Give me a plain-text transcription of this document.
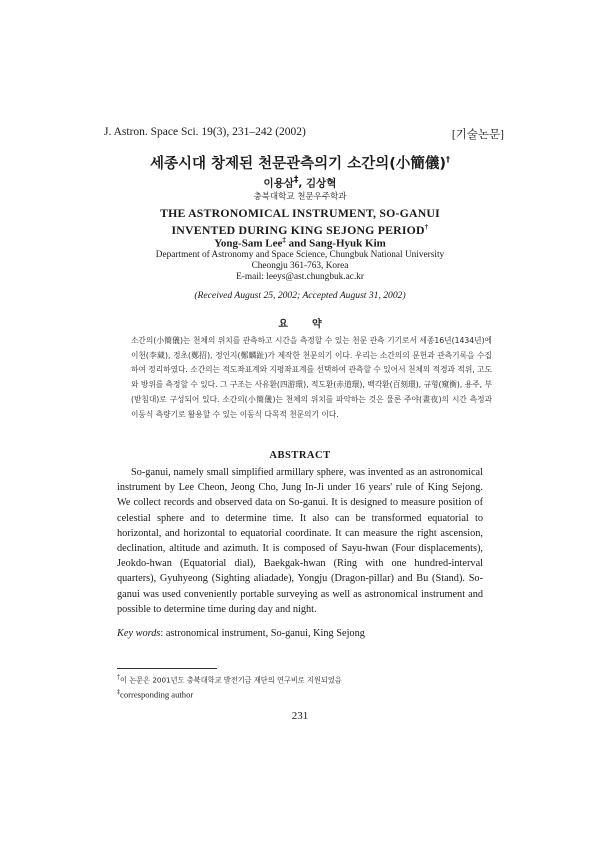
J. Astron. Space Sci. 19(3), 231–242 (2002)	[기술논문]
세종시대 창제된 천문관측의기 소간의(小簡儀)†
이용삼‡, 김상혁
충북대학교 천문우주학과
THE ASTRONOMICAL INSTRUMENT, SO-GANUI
INVENTED DURING KING SEJONG PERIOD†
Yong-Sam Lee‡ and Sang-Hyuk Kim
Department of Astronomy and Space Science, Chungbuk National University
Cheongju 361-763, Korea
E-mail: leeys@ast.chungbuk.ac.kr
(Received August 25, 2002; Accepted August 31, 2002)
요약
소간의(小簡儀)는 천체의 위치를 관측하고 시간을 측정할 수 있는 천문 관측 기기로서 세종16년(1434년)에 이천(李蕆), 정초(鄭招), 정인지(鄭麟趾)가 제작한 천문의기 이다. 우리는 소간의의 문헌과 관측기록을 수집하여 정리하였다. 소간의는 적도좌표계와 지평좌표계를 선택하여 관측할 수 있어서 천체의 적경과 적위, 고도와 방위를 측정할 수 있다. 그 구조는 사유환(四游環), 적도환(赤道環), 백각환(百刻環), 규형(窺衡), 용주, 부(받침대)로 구성되어 있다. 소간의(小簡儀)는 천체의 위치를 파악하는 것은 물론 주야(晝夜)의 시간 측정과 이동식 측량기로 활용할 수 있는 이동식 다목적 천문의기 이다.
ABSTRACT
So-ganui, namely small simplified armillary sphere, was invented as an astronomical instrument by Lee Cheon, Jeong Cho, Jung In-Ji under 16 years' rule of King Sejong. We collect records and observed data on So-ganui. It is designed to measure position of celestial sphere and to determine time. It also can be transformed equatorial to horizontal, and horizontal to equatorial coordinate. It can measure the right ascension, declination, altitude and azimuth. It is composed of Sayu-hwan (Four displacements), Jeokdo-hwan (Equatorial dial), Baekgak-hwan (Ring with one hundred-interval quarters), Gyuhyeong (Sighting aliadade), Yongju (Dragon-pillar) and Bu (Stand). So-ganui was used conveniently portable surveying as well as astronomical instrument and possible to determine time during day and night.
Key words: astronomical instrument, So-ganui, King Sejong
†이 논문은 2001년도 충북대학교 발전기금 재단의 연구비로 지원되었음
‡corresponding author
231
